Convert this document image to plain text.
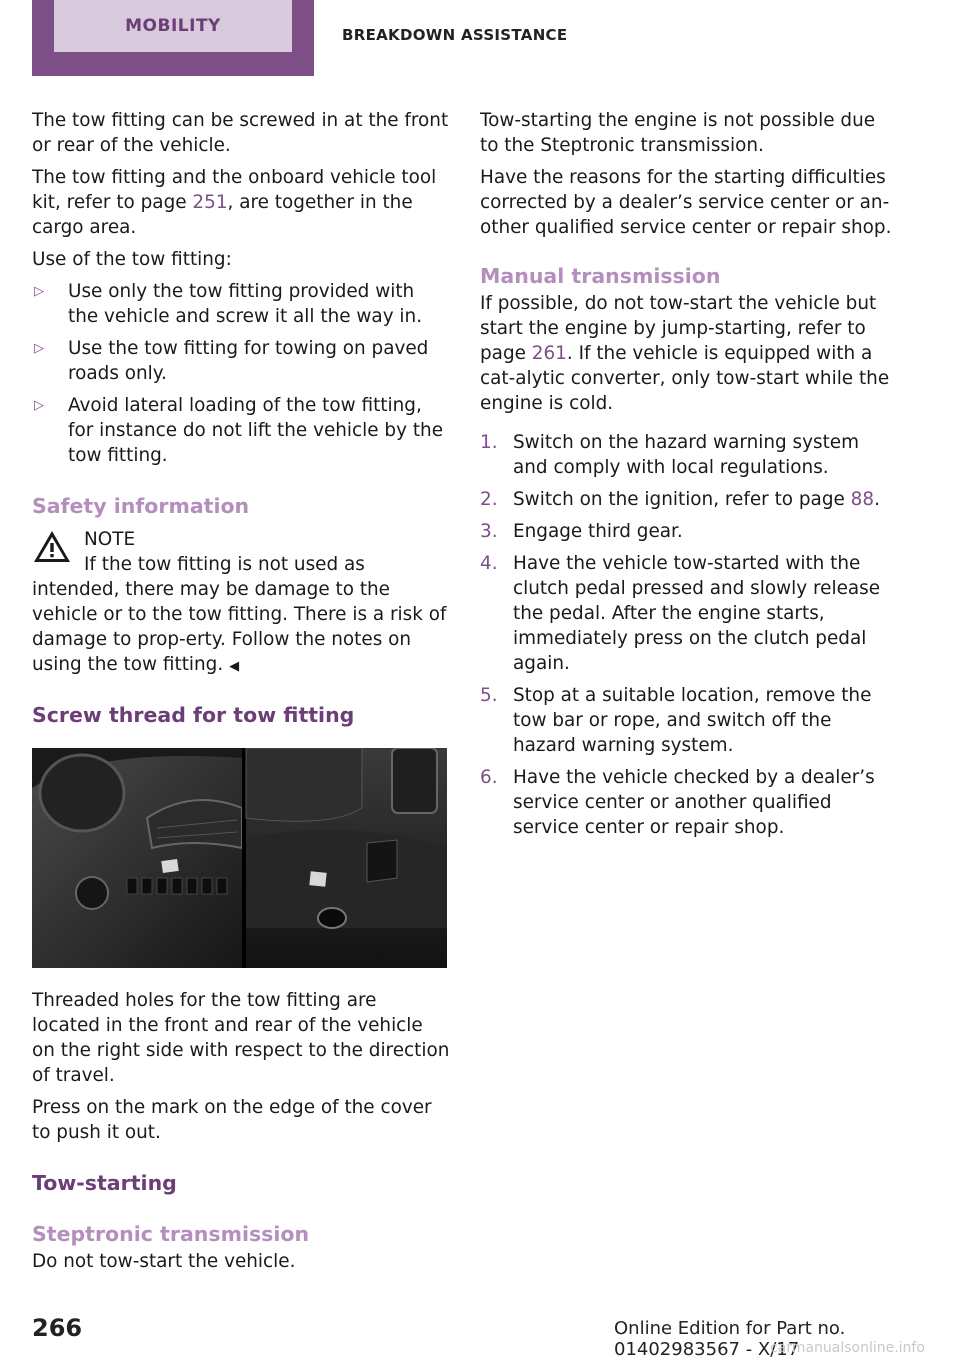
MOBILITY	BREAKDOWN ASSISTANCE

The tow fitting can be screwed in at the front or rear of the vehicle.

The tow fitting and the onboard vehicle tool kit, refer to page 251, are together in the cargo area.

Use of the tow fitting:

▷	Use only the tow fitting provided with the vehicle and screw it all the way in.
▷	Use the tow fitting for towing on paved roads only.
▷	Avoid lateral loading of the tow fitting, for instance do not lift the vehicle by the tow fitting.
Safety information

NOTE

If the tow fitting is not used as intended, there may be damage to the vehicle or to the tow fitting. There is a risk of damage to prop‐erty. Follow the notes on using the tow fitting. ◀

Screw thread for tow fitting

Threaded holes for the tow fitting are located in the front and rear of the vehicle on the right side with respect to the direction of travel.

Press on the mark on the edge of the cover to push it out.

Tow-starting
Steptronic transmission

Do not tow-start the vehicle.

Tow-starting the engine is not possible due to the Steptronic transmission.

Have the reasons for the starting difficulties corrected by a dealer’s service center or an‐other qualified service center or repair shop.

Manual transmission

If possible, do not tow-start the vehicle but start the engine by jump-starting, refer to page 261. If the vehicle is equipped with a cat‐alytic converter, only tow-start while the engine is cold.

1. Switch on the hazard warning system and comply with local regulations.
2. Switch on the ignition, refer to page 88.
3. Engage third gear.
4. Have the vehicle tow-started with the clutch pedal pressed and slowly release the pedal. After the engine starts, immediately press on the clutch pedal again.
5. Stop at a suitable location, remove the tow bar or rope, and switch off the hazard warning system.
6. Have the vehicle checked by a dealer’s service center or another qualified service center or repair shop.
266	Online Edition for Part no. 01402983567 - X/17
carmanualsonline.info
